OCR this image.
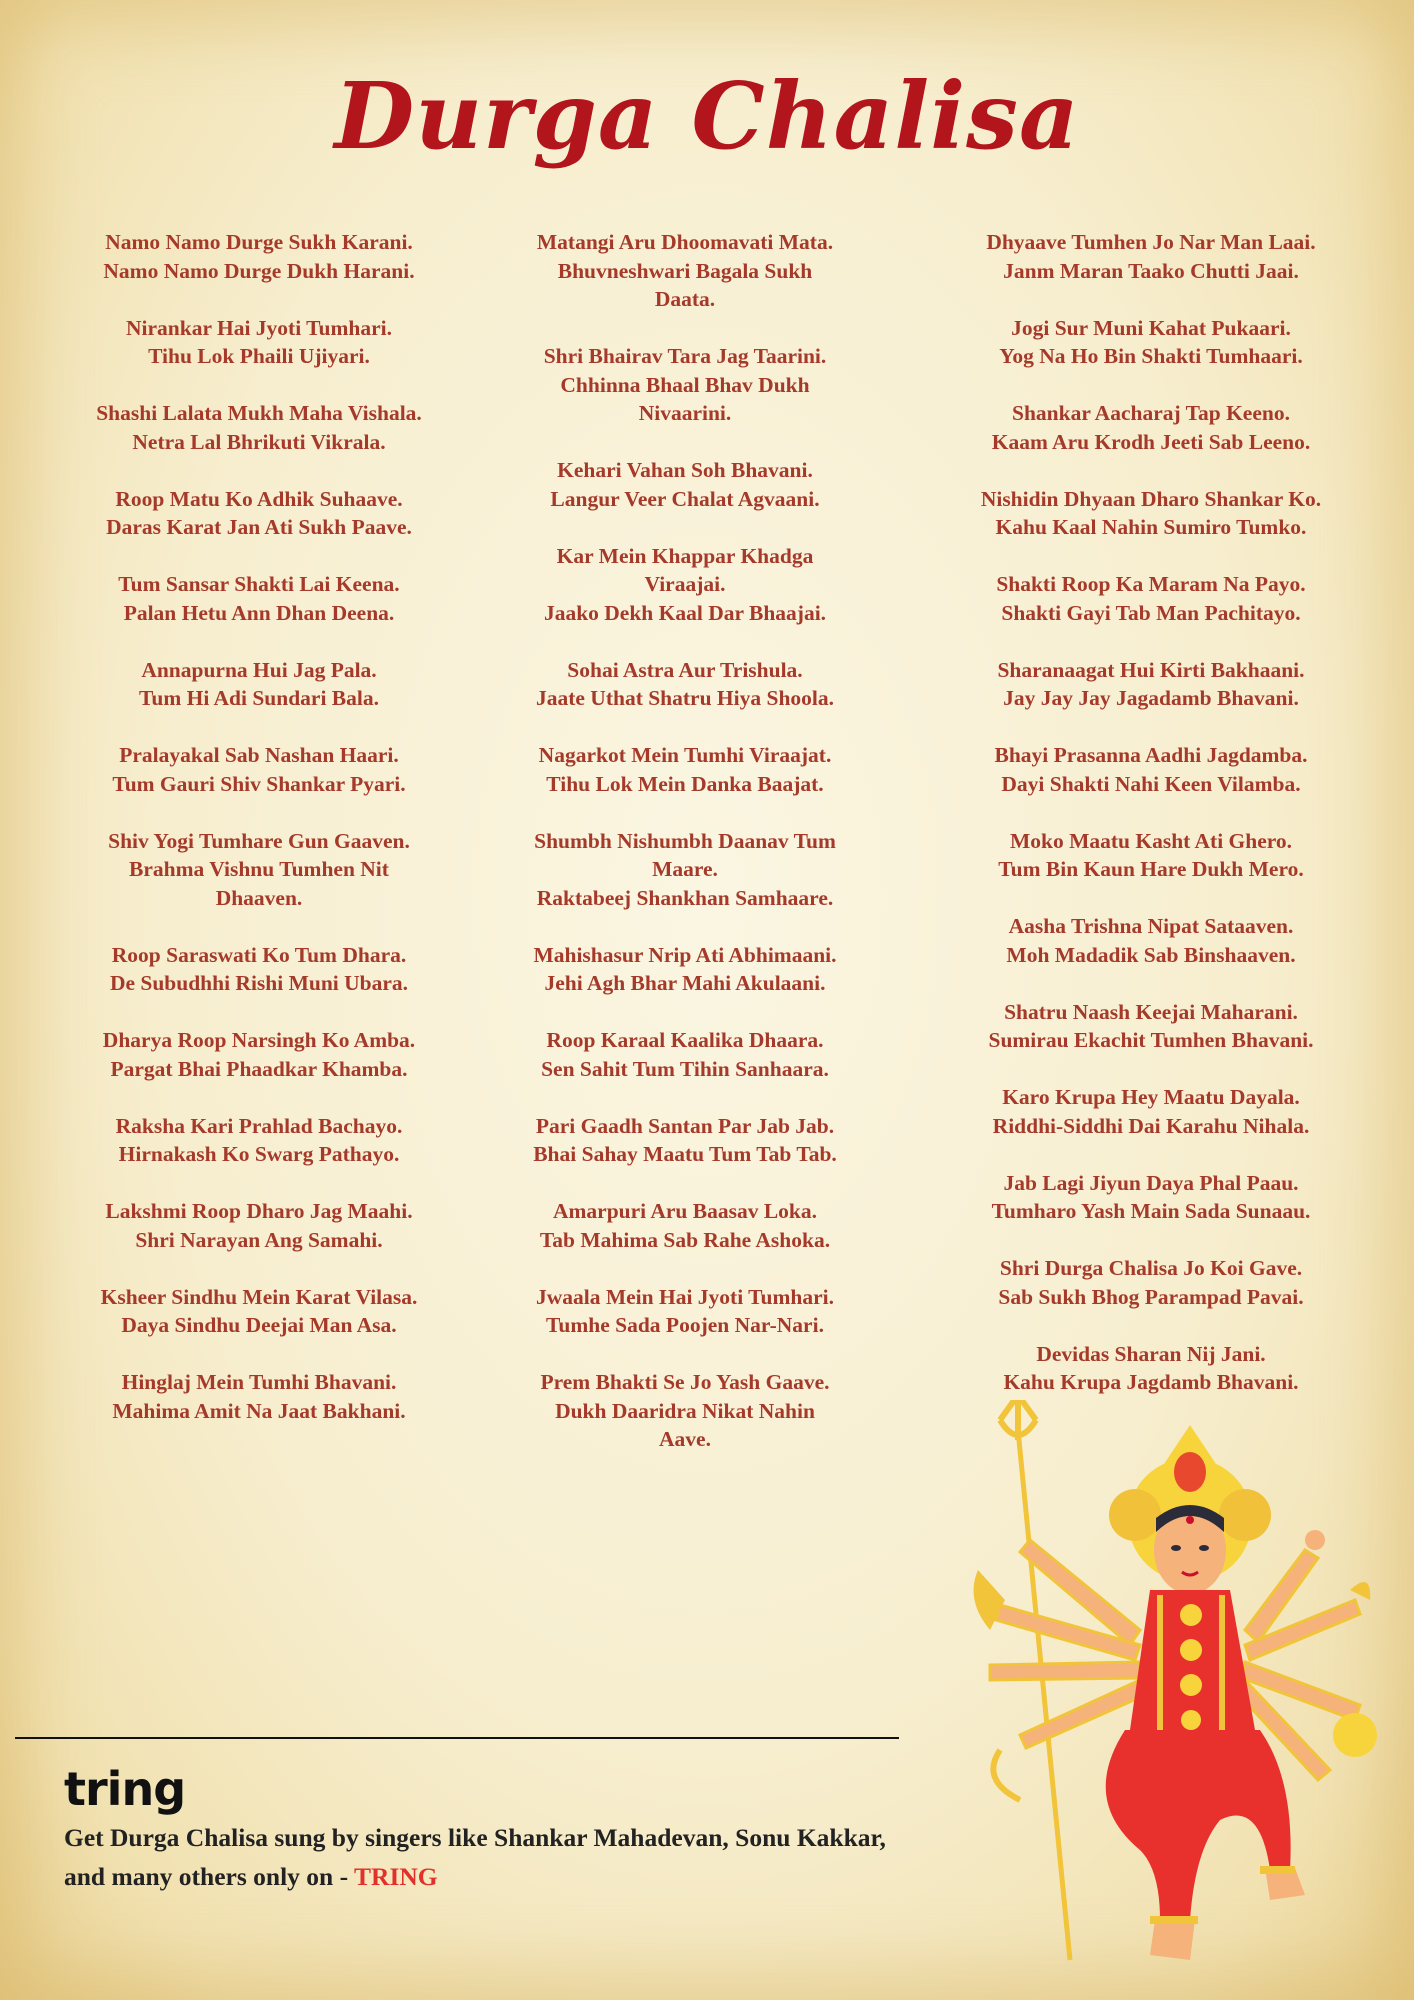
Durga Chalisa

Namo Namo Durge Sukh Karani.
Namo Namo Durge Dukh Harani.

Nirankar Hai Jyoti Tumhari.
Tihu Lok Phaili Ujiyari.

Shashi Lalata Mukh Maha Vishala.
Netra Lal Bhrikuti Vikrala.

Roop Matu Ko Adhik Suhaave.
Daras Karat Jan Ati Sukh Paave.

Tum Sansar Shakti Lai Keena.
Palan Hetu Ann Dhan Deena.

Annapurna Hui Jag Pala.
Tum Hi Adi Sundari Bala.

Pralayakal Sab Nashan Haari.
Tum Gauri Shiv Shankar Pyari.

Shiv Yogi Tumhare Gun Gaaven.
Brahma Vishnu Tumhen Nit
Dhaaven.

Roop Saraswati Ko Tum Dhara.
De Subudhhi Rishi Muni Ubara.

Dharya Roop Narsingh Ko Amba.
Pargat Bhai Phaadkar Khamba.

Raksha Kari Prahlad Bachayo.
Hirnakash Ko Swarg Pathayo.

Lakshmi Roop Dharo Jag Maahi.
Shri Narayan Ang Samahi.

Ksheer Sindhu Mein Karat Vilasa.
Daya Sindhu Deejai Man Asa.

Hinglaj Mein Tumhi Bhavani.
Mahima Amit Na Jaat Bakhani.

Matangi Aru Dhoomavati Mata.
Bhuvneshwari Bagala Sukh
Daata.

Shri Bhairav Tara Jag Taarini.
Chhinna Bhaal Bhav Dukh
Nivaarini.

Kehari Vahan Soh Bhavani.
Langur Veer Chalat Agvaani.

Kar Mein Khappar Khadga
Viraajai.
Jaako Dekh Kaal Dar Bhaajai.

Sohai Astra Aur Trishula.
Jaate Uthat Shatru Hiya Shoola.

Nagarkot Mein Tumhi Viraajat.
Tihu Lok Mein Danka Baajat.

Shumbh Nishumbh Daanav Tum
Maare.
Raktabeej Shankhan Samhaare.

Mahishasur Nrip Ati Abhimaani.
Jehi Agh Bhar Mahi Akulaani.

Roop Karaal Kaalika Dhaara.
Sen Sahit Tum Tihin Sanhaara.

Pari Gaadh Santan Par Jab Jab.
Bhai Sahay Maatu Tum Tab Tab.

Amarpuri Aru Baasav Loka.
Tab Mahima Sab Rahe Ashoka.

Jwaala Mein Hai Jyoti Tumhari.
Tumhe Sada Poojen Nar-Nari.

Prem Bhakti Se Jo Yash Gaave.
Dukh Daaridra Nikat Nahin
Aave.

Dhyaave Tumhen Jo Nar Man Laai.
Janm Maran Taako Chutti Jaai.

Jogi Sur Muni Kahat Pukaari.
Yog Na Ho Bin Shakti Tumhaari.

Shankar Aacharaj Tap Keeno.
Kaam Aru Krodh Jeeti Sab Leeno.

Nishidin Dhyaan Dharo Shankar Ko.
Kahu Kaal Nahin Sumiro Tumko.

Shakti Roop Ka Maram Na Payo.
Shakti Gayi Tab Man Pachitayo.

Sharanaagat Hui Kirti Bakhaani.
Jay Jay Jay Jagadamb Bhavani.

Bhayi Prasanna Aadhi Jagdamba.
Dayi Shakti Nahi Keen Vilamba.

Moko Maatu Kasht Ati Ghero.
Tum Bin Kaun Hare Dukh Mero.

Aasha Trishna Nipat Sataaven.
Moh Madadik Sab Binshaaven.

Shatru Naash Keejai Maharani.
Sumirau Ekachit Tumhen Bhavani.

Karo Krupa Hey Maatu Dayala.
Riddhi-Siddhi Dai Karahu Nihala.

Jab Lagi Jiyun Daya Phal Paau.
Tumharo Yash Main Sada Sunaau.

Shri Durga Chalisa Jo Koi Gave.
Sab Sukh Bhog Parampad Pavai.

Devidas Sharan Nij Jani.
Kahu Krupa Jagdamb Bhavani.

tring

Get Durga Chalisa sung by singers like Shankar Mahadevan, Sonu Kakkar, and many others only on - TRING
